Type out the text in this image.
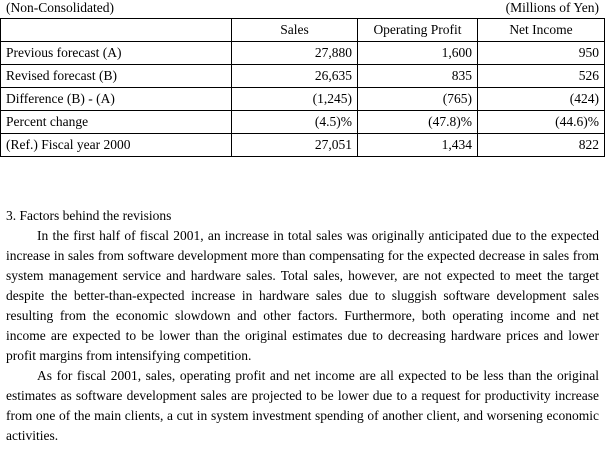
(Non-Consolidated)	(Millions of Yen)
	Sales	Operating Profit	Net Income
Previous forecast (A)	27,880	1,600	950
Revised forecast (B)	26,635	835	526
Difference (B) - (A)	(1,245)	(765)	(424)
Percent change	(4.5)%	(47.8)%	(44.6)%
(Ref.) Fiscal year 2000	27,051	1,434	822
3. Factors behind the revisions

In the first half of fiscal 2001, an increase in total sales was originally anticipated due to the expected increase in sales from software development more than compensating for the expected decrease in sales from system management service and hardware sales. Total sales, however, are not expected to meet the target despite the better-than-expected increase in hardware sales due to sluggish software development sales resulting from the economic slowdown and other factors. Furthermore, both operating income and net income are expected to be lower than the original estimates due to decreasing hardware prices and lower profit margins from intensifying competition.

As for fiscal 2001, sales, operating profit and net income are all expected to be less than the original estimates as software development sales are projected to be lower due to a request for productivity increase from one of the main clients, a cut in system investment spending of another client, and worsening economic activities.
